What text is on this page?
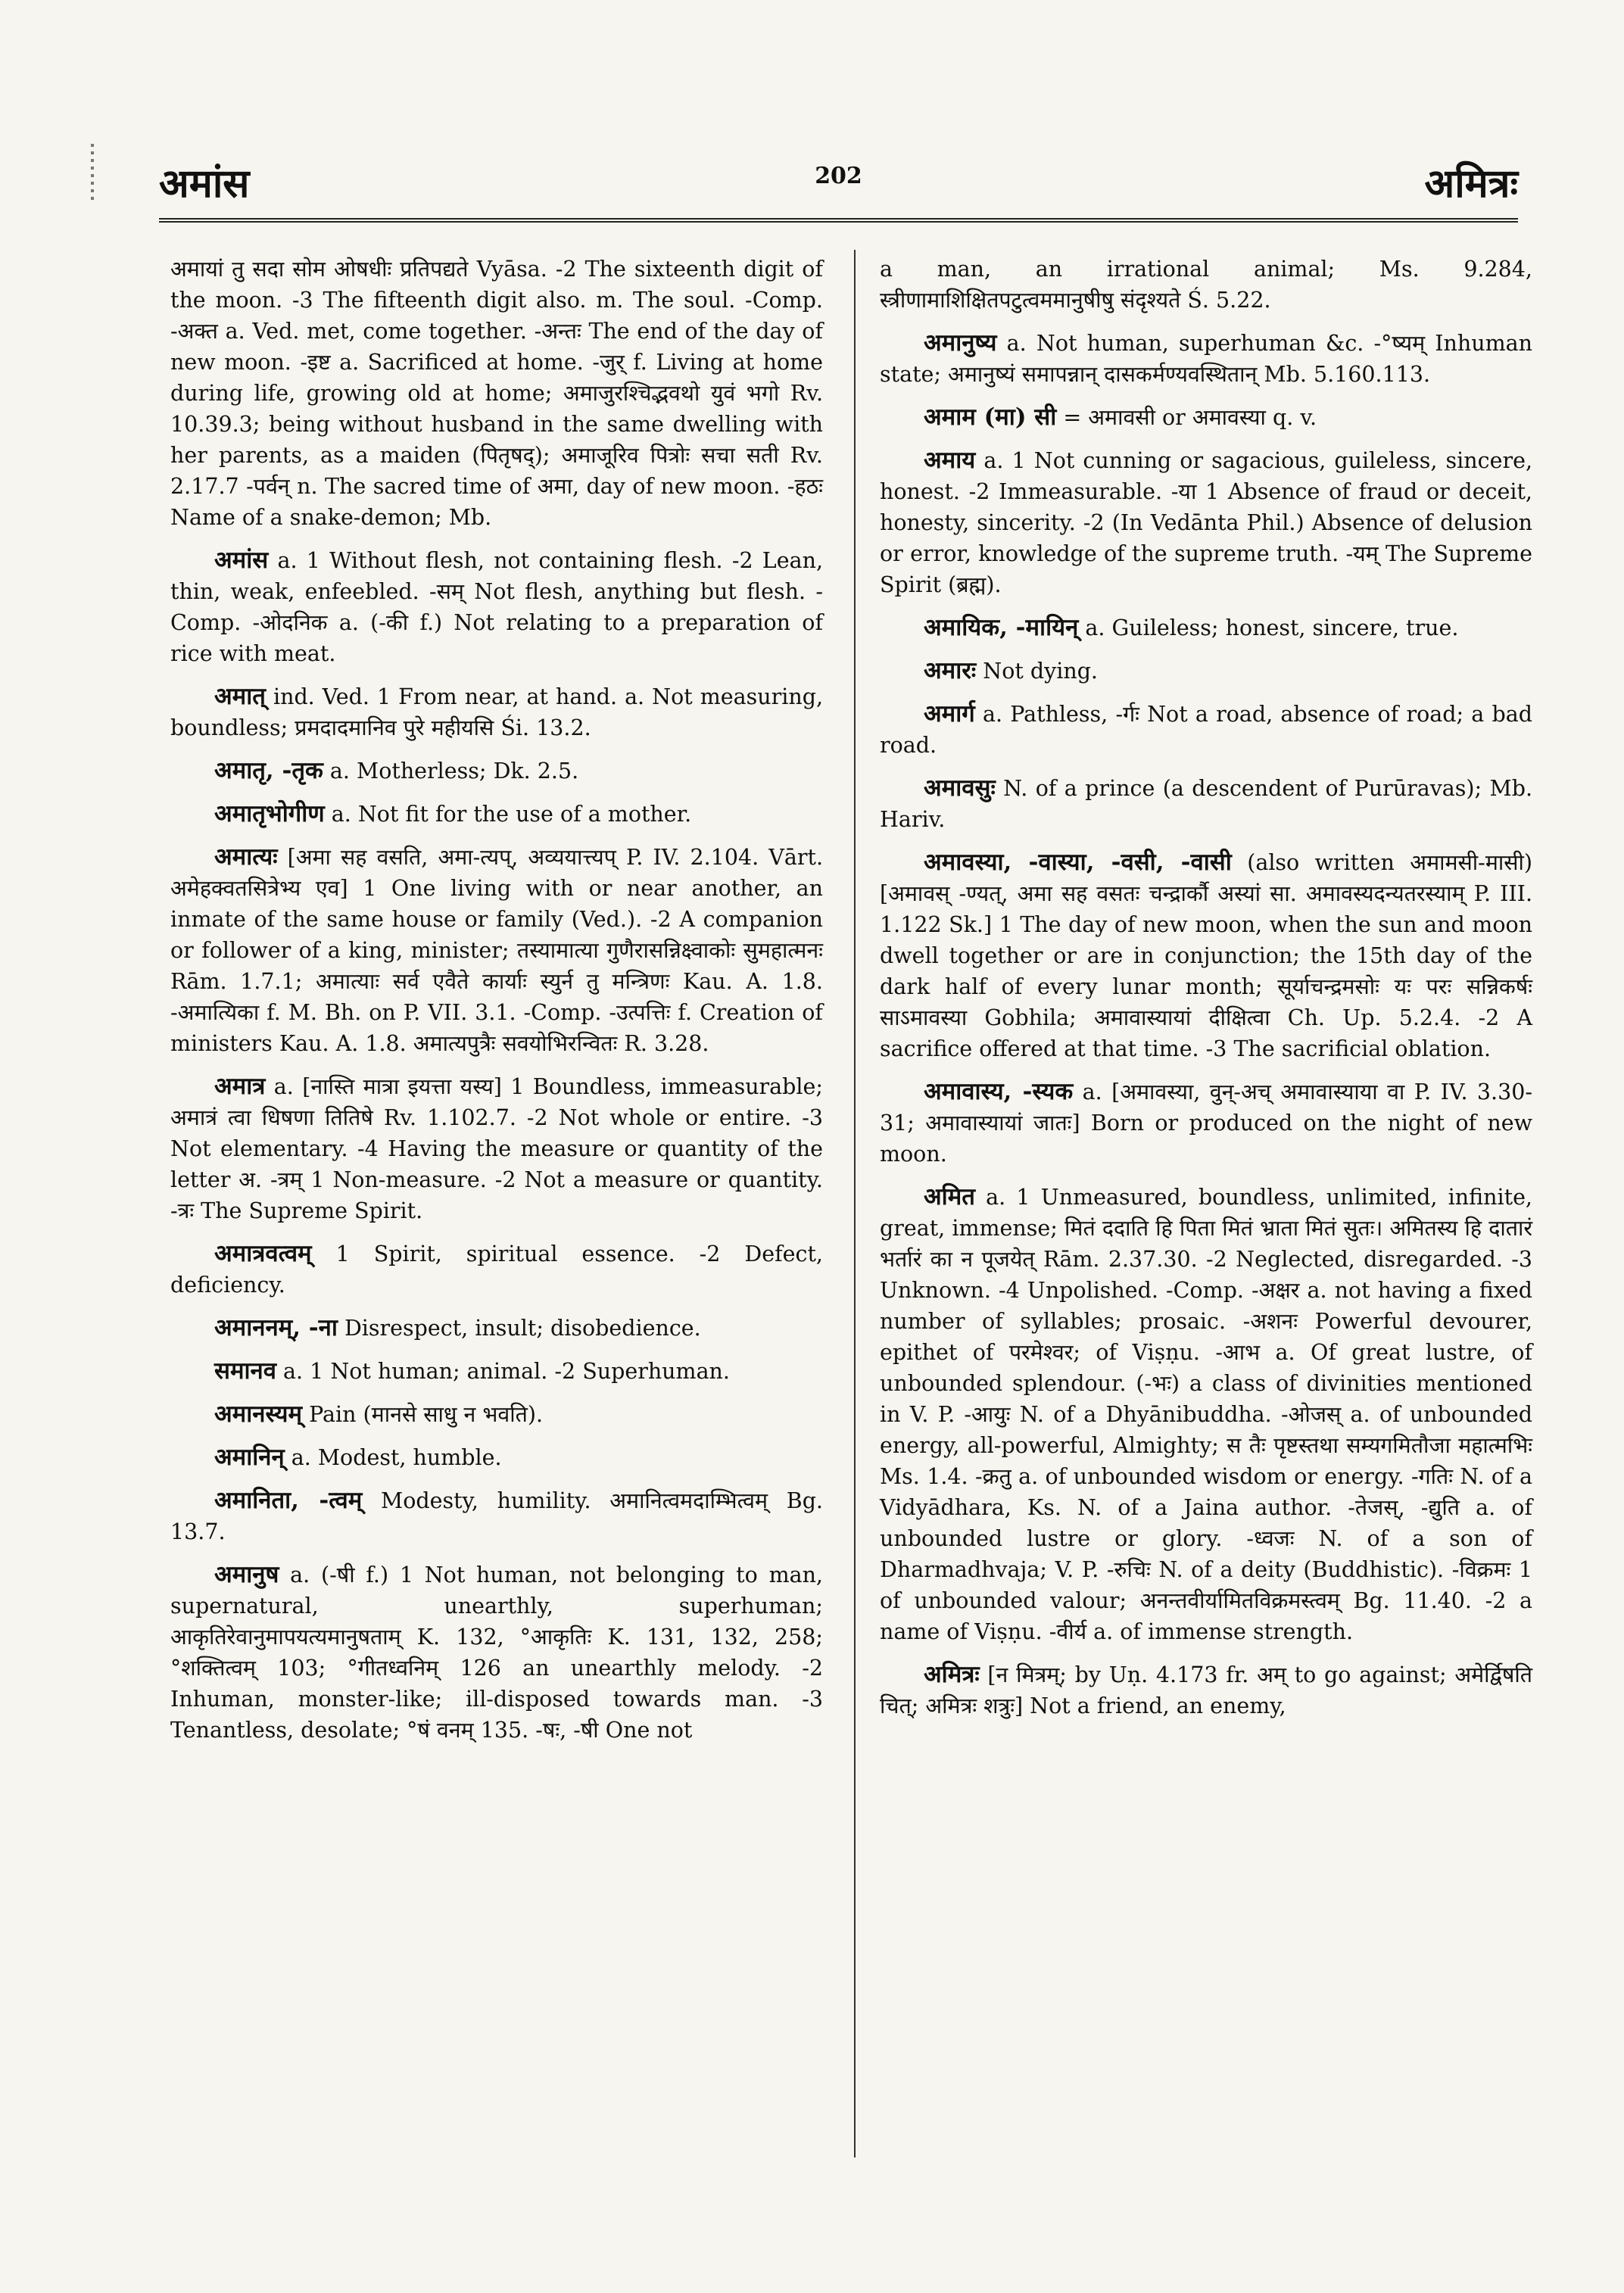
अमांस	202	अमित्रः

अमायां तु सदा सोम ओषधीः प्रतिपद्यते Vyāsa. -2 The sixteenth digit of the moon. -3 The fifteenth digit also. m. The soul. -Comp. -अक्त a. Ved. met, come together. -अन्तः The end of the day of new moon. -इष्ट a. Sacrificed at home. -जुर् f. Living at home during life, growing old at home; अमाजुरश्चिद्भवथो युवं भगो Rv. 10.39.3; being without husband in the same dwelling with her parents, as a maiden (पितृषद्); अमाजूरिव पित्रोः सचा सती Rv. 2.17.7 -पर्वन् n. The sacred time of अमा, day of new moon. -हठः Name of a snake-demon; Mb.

अमांस a. 1 Without flesh, not containing flesh. -2 Lean, thin, weak, enfeebled. -सम् Not flesh, anything but flesh. -Comp. -ओदनिक a. (-की f.) Not relating to a preparation of rice with meat.

अमात् ind. Ved. 1 From near, at hand. a. Not measuring, boundless; प्रमदादमानिव पुरे महीयसि Śi. 13.2.

अमातृ, -तृक a. Motherless; Dk. 2.5.

अमातृभोगीण a. Not fit for the use of a mother.

अमात्यः [अमा सह वसति, अमा-त्यप्, अव्ययात्त्यप् P. IV. 2.104. Vārt. अमेहक्वतसित्रेभ्य एव] 1 One living with or near another, an inmate of the same house or family (Ved.). -2 A companion or follower of a king, minister; तस्यामात्या गुणैरासन्निक्ष्वाकोः सुमहात्मनः Rām. 1.7.1; अमात्याः सर्व एवैते कार्याः स्युर्न तु मन्त्रिणः Kau. A. 1.8. -अमात्यिका f. M. Bh. on P. VII. 3.1. -Comp. -उत्पत्तिः f. Creation of ministers Kau. A. 1.8. अमात्यपुत्रैः सवयोभिरन्वितः R. 3.28.

अमात्र a. [नास्ति मात्रा इयत्ता यस्य] 1 Boundless, immeasurable; अमात्रं त्वा धिषणा तितिषे Rv. 1.102.7. -2 Not whole or entire. -3 Not elementary. -4 Having the measure or quantity of the letter अ. -त्रम् 1 Non-measure. -2 Not a measure or quantity. -त्रः The Supreme Spirit.

अमात्रवत्वम् 1 Spirit, spiritual essence. -2 Defect, deficiency.

अमाननम्, -ना Disrespect, insult; disobedience.

समानव a. 1 Not human; animal. -2 Superhuman.

अमानस्यम् Pain (मानसे साधु न भवति).

अमानिन् a. Modest, humble.

अमानिता, -त्वम् Modesty, humility. अमानित्वमदाम्भित्वम् Bg. 13.7.

अमानुष a. (-षी f.) 1 Not human, not belonging to man, supernatural, unearthly, superhuman; आकृतिरेवानुमापयत्यमानुषताम् K. 132, °आकृतिः K. 131, 132, 258; °शक्तित्वम् 103; °गीतध्वनिम् 126 an unearthly melody. -2 Inhuman, monster-like; ill-disposed towards man. -3 Tenantless, desolate; °षं वनम् 135. -षः, -षी One not

a man, an irrational animal; Ms. 9.284, स्त्रीणामाशिक्षितपटुत्वममानुषीषु संदृश्यते Ś. 5.22.

अमानुष्य a. Not human, superhuman &c. -°ष्यम् Inhuman state; अमानुष्यं समापन्नान् दासकर्मण्यवस्थितान् Mb. 5.160.113.

अमाम (मा) सी = अमावसी or अमावस्या q. v.

अमाय a. 1 Not cunning or sagacious, guileless, sincere, honest. -2 Immeasurable. -या 1 Absence of fraud or deceit, honesty, sincerity. -2 (In Vedānta Phil.) Absence of delusion or error, knowledge of the supreme truth. -यम् The Supreme Spirit (ब्रह्म).

अमायिक, -मायिन् a. Guileless; honest, sincere, true.

अमारः Not dying.

अमार्ग a. Pathless, -र्गः Not a road, absence of road; a bad road.

अमावसुः N. of a prince (a descendent of Purūravas); Mb. Hariv.

अमावस्या, -वास्या, -वसी, -वासी (also written अमामसी-मासी) [अमावस् -ण्यत्, अमा सह वसतः चन्द्रार्कौ अस्यां सा. अमावस्यदन्यतरस्याम् P. III. 1.122 Sk.] 1 The day of new moon, when the sun and moon dwell together or are in conjunction; the 15th day of the dark half of every lunar month; सूर्याचन्द्रमसोः यः परः सन्निकर्षः साऽमावस्या Gobhila; अमावास्यायां दीक्षित्वा Ch. Up. 5.2.4. -2 A sacrifice offered at that time. -3 The sacrificial oblation.

अमावास्य, -स्यक a. [अमावस्या, वुन्-अच् अमावास्याया वा P. IV. 3.30-31; अमावास्यायां जातः] Born or produced on the night of new moon.

अमित a. 1 Unmeasured, boundless, unlimited, infinite, great, immense; मितं ददाति हि पिता मितं भ्राता मितं सुतः। अमितस्य हि दातारं भर्तारं का न पूजयेत् Rām. 2.37.30. -2 Neglected, disregarded. -3 Unknown. -4 Unpolished. -Comp. -अक्षर a. not having a fixed number of syllables; prosaic. -अशनः Powerful devourer, epithet of परमेश्वर; of Viṣṇu. -आभ a. Of great lustre, of unbounded splendour. (-भः) a class of divinities mentioned in V. P. -आयुः N. of a Dhyānibuddha. -ओजस् a. of unbounded energy, all-powerful, Almighty; स तैः पृष्टस्तथा सम्यगमितौजा महात्मभिः Ms. 1.4. -क्रतु a. of unbounded wisdom or energy. -गतिः N. of a Vidyādhara, Ks. N. of a Jaina author. -तेजस्, -द्युति a. of unbounded lustre or glory. -ध्वजः N. of a son of Dharmadhvaja; V. P. -रुचिः N. of a deity (Buddhistic). -विक्रमः 1 of unbounded valour; अनन्तवीर्यामितविक्रमस्त्वम् Bg. 11.40. -2 a name of Viṣṇu. -वीर्य a. of immense strength.

अमित्रः [न मित्रम्; by Uṇ. 4.173 fr. अम् to go against; अमेर्द्विषति चित्; अमित्रः शत्रुः] Not a friend, an enemy,
